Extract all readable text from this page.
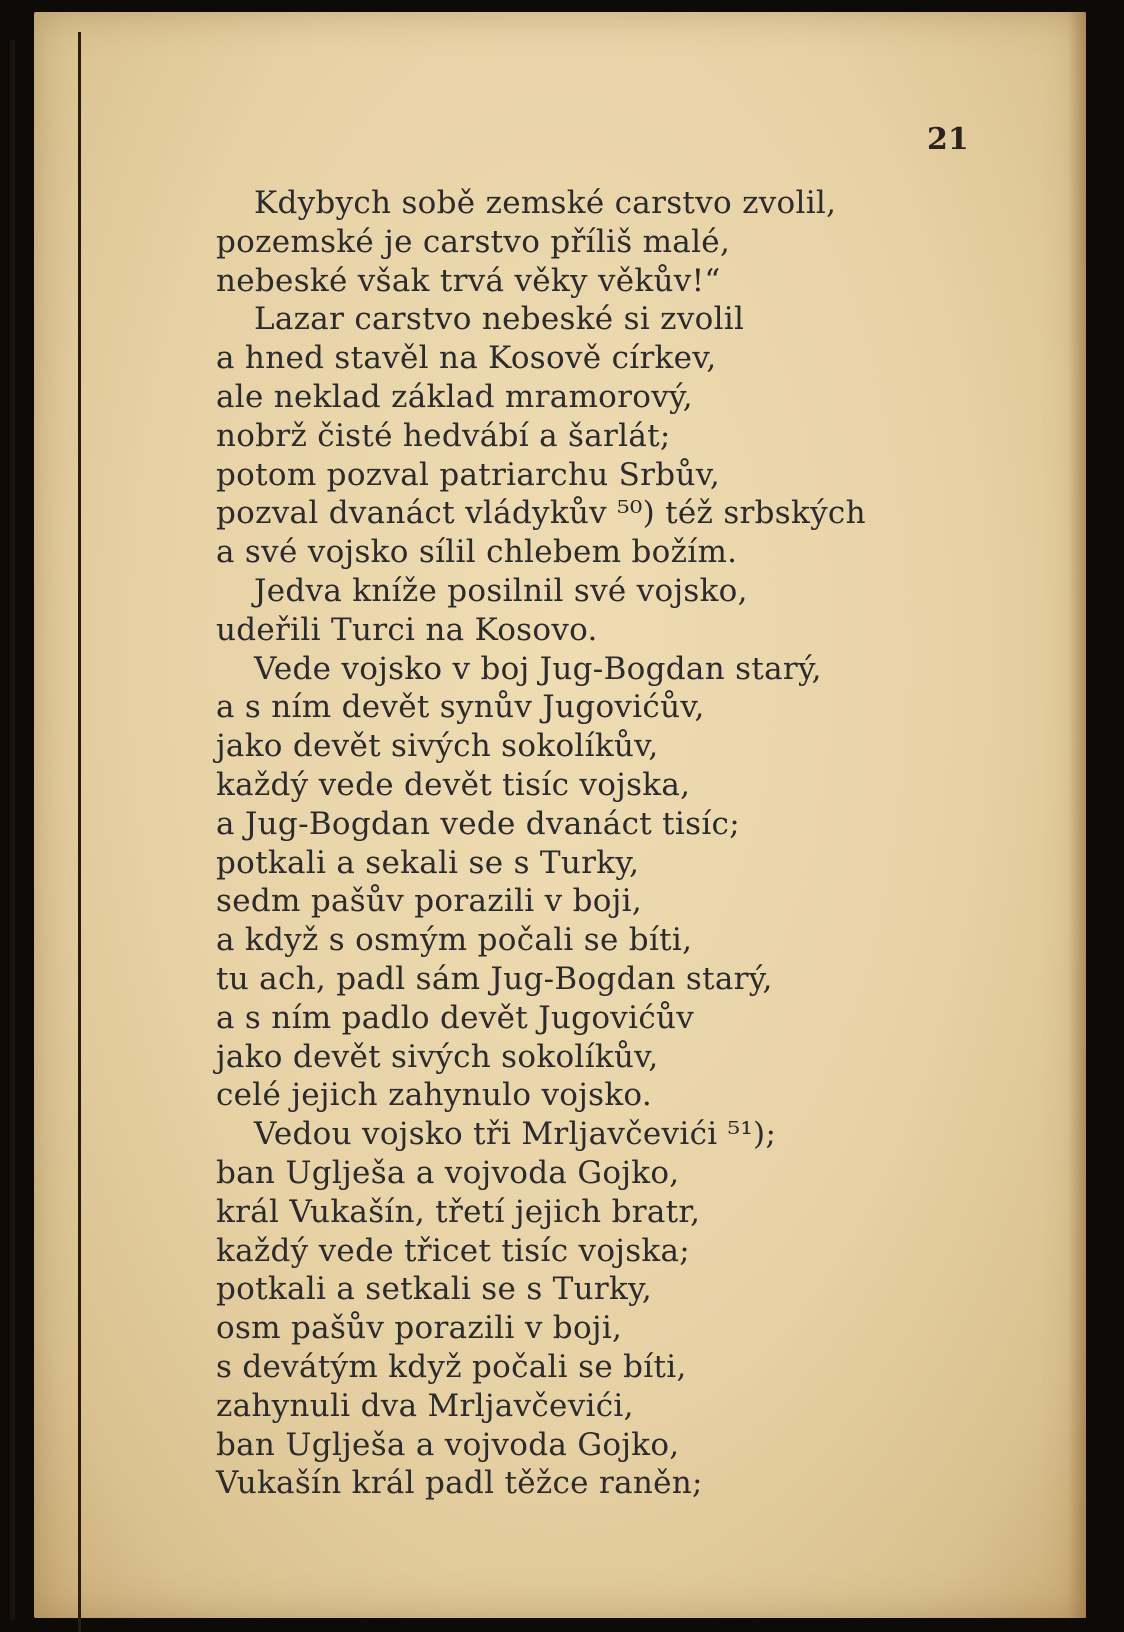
21
Kdybych sobě zemské carstvo zvolil,
pozemské je carstvo příliš malé,
nebeské však trvá věky věkův!“
Lazar carstvo nebeské si zvolil
a hned stavěl na Kosově církev,
ale neklad základ mramorový,
nobrž čisté hedvábí a šarlát;
potom pozval patriarchu Srbův,
pozval dvanáct vládykův ⁵⁰) též srbských
a své vojsko sílil chlebem božím.
Jedva kníže posilnil své vojsko,
udeřili Turci na Kosovo.
Vede vojsko v boj Jug-Bogdan starý,
a s ním devět synův Jugovićův,
jako devět sivých sokolíkův,
každý vede devět tisíc vojska,
a Jug-Bogdan vede dvanáct tisíc;
potkali a sekali se s Turky,
sedm pašův porazili v boji,
a když s osmým počali se bíti,
tu ach, padl sám Jug-Bogdan starý,
a s ním padlo devět Jugovićův
jako devět sivých sokolíkův,
celé jejich zahynulo vojsko.
Vedou vojsko tři Mrljavčevići ⁵¹);
ban Uglješa a vojvoda Gojko,
král Vukašín, třetí jejich bratr,
každý vede třicet tisíc vojska;
potkali a setkali se s Turky,
osm pašův porazili v boji,
s devátým když počali se bíti,
zahynuli dva Mrljavčevići,
ban Uglješa a vojvoda Gojko,
Vukašín král padl těžce raněn;
